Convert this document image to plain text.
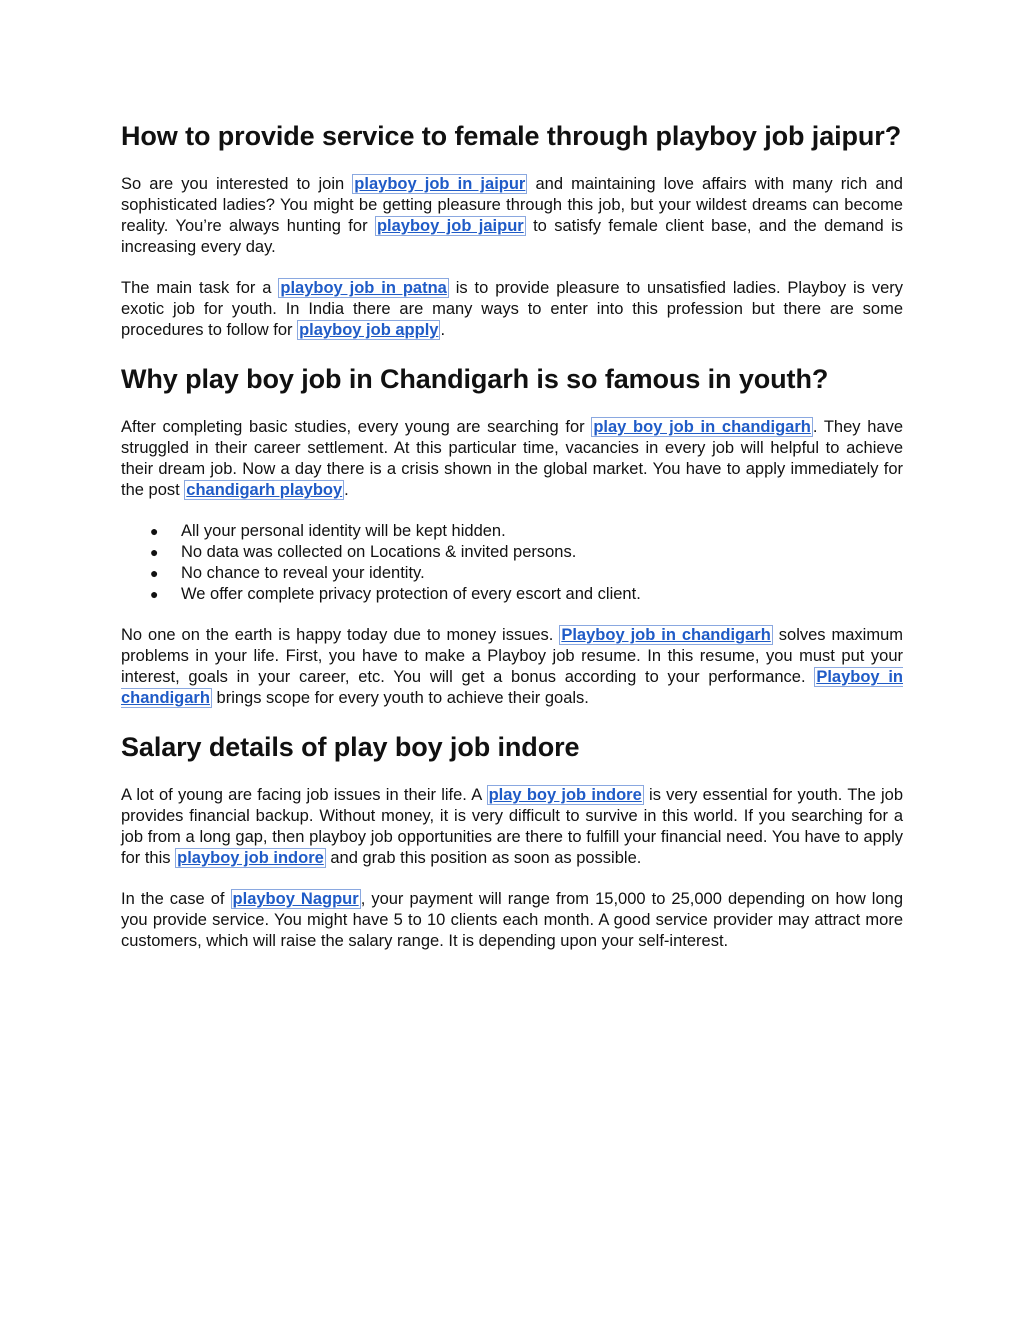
How to provide service to female through playboy job jaipur?

So are you interested to join playboy job in jaipur and maintaining love affairs with many rich and sophisticated ladies? You might be getting pleasure through this job, but your wildest dreams can become reality. You’re always hunting for playboy job jaipur to satisfy female client base, and the demand is increasing every day.

The main task for a playboy job in patna is to provide pleasure to unsatisfied ladies. Playboy is very exotic job for youth. In India there are many ways to enter into this profession but there are some procedures to follow for playboy job apply .

Why play boy job in Chandigarh is so famous in youth?

After completing basic studies, every young are searching for play boy job in chandigarh . They have struggled in their career settlement. At this particular time, vacancies in every job will helpful to achieve their dream job. Now a day there is a crisis shown in the global market. You have to apply immediately for the post chandigarh playboy .

● All your personal identity will be kept hidden.
● No data was collected on Locations & invited persons.
● No chance to reveal your identity.
● We offer complete privacy protection of every escort and client.

No one on the earth is happy today due to money issues. Playboy job in chandigarh solves maximum problems in your life. First, you have to make a Playboy job resume. In this resume, you must put your interest, goals in your career, etc. You will get a bonus according to your performance. Playboy in chandigarh brings scope for every youth to achieve their goals.

Salary details of play boy job indore

A lot of young are facing job issues in their life. A play boy job indore is very essential for youth. The job provides financial backup. Without money, it is very difficult to survive in this world. If you searching for a job from a long gap, then playboy job opportunities are there to fulfill your financial need. You have to apply for this playboy job indore and grab this position as soon as possible.

In the case of playboy Nagpur , your payment will range from 15,000 to 25,000 depending on how long you provide service. You might have 5 to 10 clients each month. A good service provider may attract more customers, which will raise the salary range. It is depending upon your self-interest.
